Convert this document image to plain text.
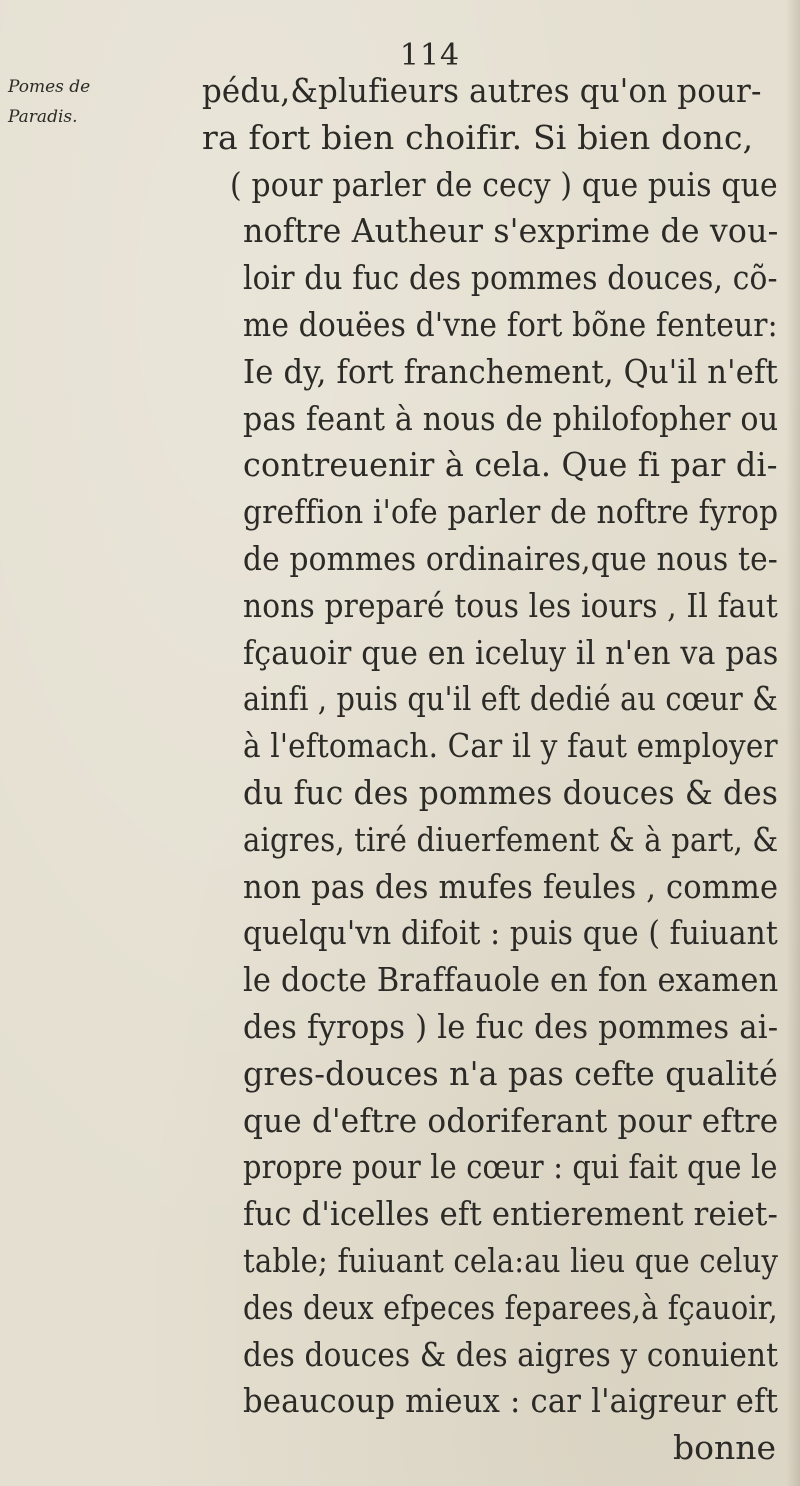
114
Pomes de
Paradis.
pédu,&plufieurs autres qu'on pour-
ra fort bien choifir. Si bien donc,
( pour parler de cecy ) que puis que
noftre Autheur s'exprime de vou-
loir du fuc des pommes douces, cõ-
me douëes d'vne fort bõne fenteur:
Ie dy, fort franchement, Qu'il n'eft
pas feant à nous de philofopher ou
contreuenir à cela. Que fi par di-
greffion i'ofe parler de noftre fyrop
de pommes ordinaires,que nous te-
nons preparé tous les iours , Il faut
fçauoir que en iceluy il n'en va pas
ainfi , puis qu'il eft dedié au cœur &
à l'eftomach. Car il y faut employer
du fuc des pommes douces & des
aigres, tiré diuerfement & à part, &
non pas des mufes feules , comme
quelqu'vn difoit : puis que ( fuiuant
le docte Braffauole en fon examen
des fyrops ) le fuc des pommes ai-
gres-douces n'a pas cefte qualité
que d'eftre odoriferant pour eftre
propre pour le cœur : qui fait que le
fuc d'icelles eft entierement reiet-
table; fuiuant cela:au lieu que celuy
des deux efpeces feparees,à fçauoir,
des douces & des aigres y conuient
beaucoup mieux : car l'aigreur eft
bonne
